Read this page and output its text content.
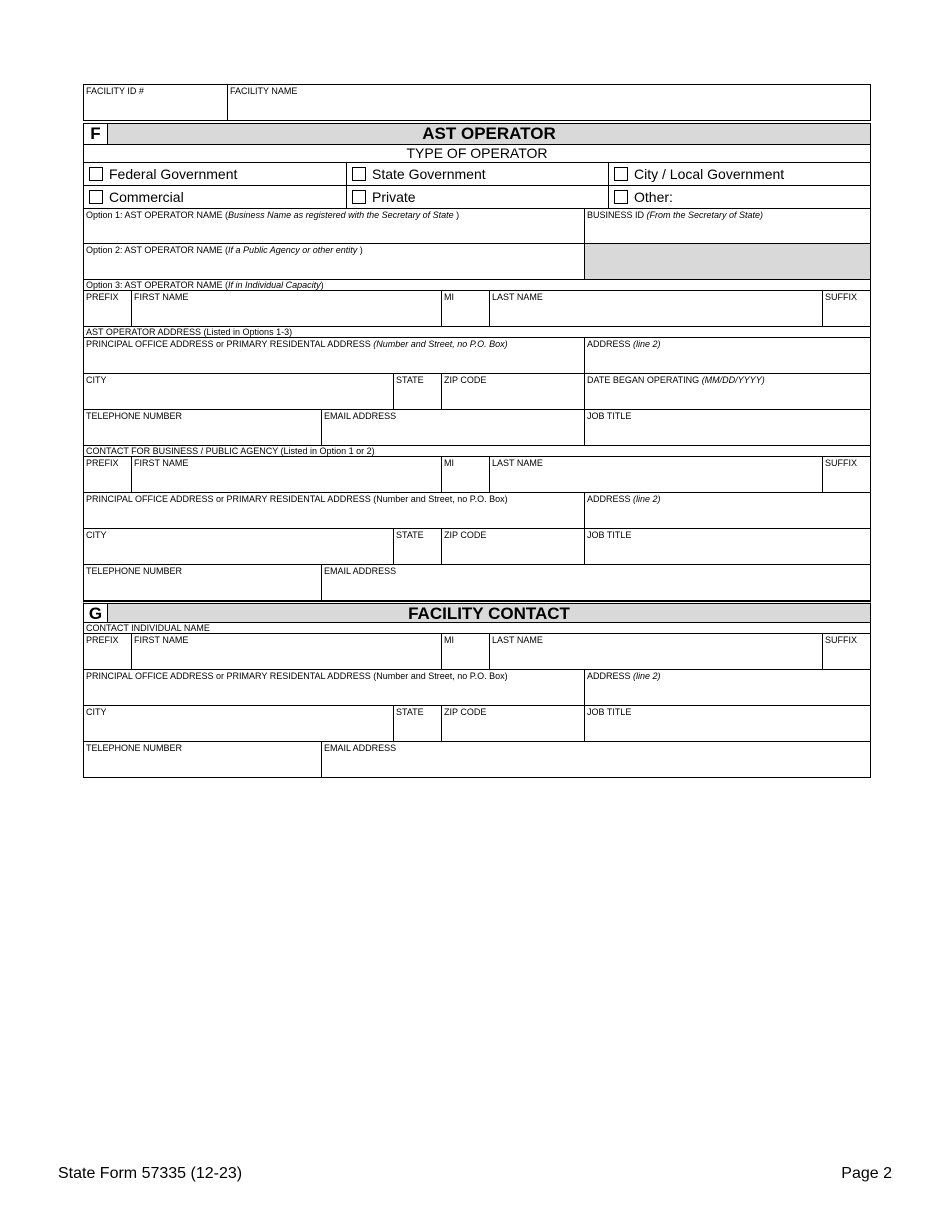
FACILITY ID #	FACILITY NAME
F	AST OPERATOR
TYPE OF OPERATOR
Federal Government	State Government	City / Local Government
Commercial	Private	Other:
Option 1: AST OPERATOR NAME (Business Name as registered with the Secretary of State )	BUSINESS ID (From the Secretary of State)
Option 2: AST OPERATOR NAME (If a Public Agency or other entity )
Option 3: AST OPERATOR NAME (If in Individual Capacity)
PREFIX	FIRST NAME	MI	LAST NAME	SUFFIX
AST OPERATOR ADDRESS (Listed in Options 1-3)
PRINCIPAL OFFICE ADDRESS or PRIMARY RESIDENTAL ADDRESS (Number and Street, no P.O. Box)	ADDRESS (line 2)
CITY	STATE	ZIP CODE	DATE BEGAN OPERATING (MM/DD/YYYY)
TELEPHONE NUMBER	EMAIL ADDRESS	JOB TITLE
CONTACT FOR BUSINESS / PUBLIC AGENCY (Listed in Option 1 or 2)
PREFIX	FIRST NAME	MI	LAST NAME	SUFFIX
PRINCIPAL OFFICE ADDRESS or PRIMARY RESIDENTAL ADDRESS (Number and Street, no P.O. Box)	ADDRESS (line 2)
CITY	STATE	ZIP CODE	JOB TITLE
TELEPHONE NUMBER	EMAIL ADDRESS
G	FACILITY CONTACT
CONTACT INDIVIDUAL NAME
PREFIX	FIRST NAME	MI	LAST NAME	SUFFIX
PRINCIPAL OFFICE ADDRESS or PRIMARY RESIDENTAL ADDRESS (Number and Street, no P.O. Box)	ADDRESS (line 2)
CITY	STATE	ZIP CODE	JOB TITLE
TELEPHONE NUMBER	EMAIL ADDRESS
State Form 57335 (12-23)	Page 2
